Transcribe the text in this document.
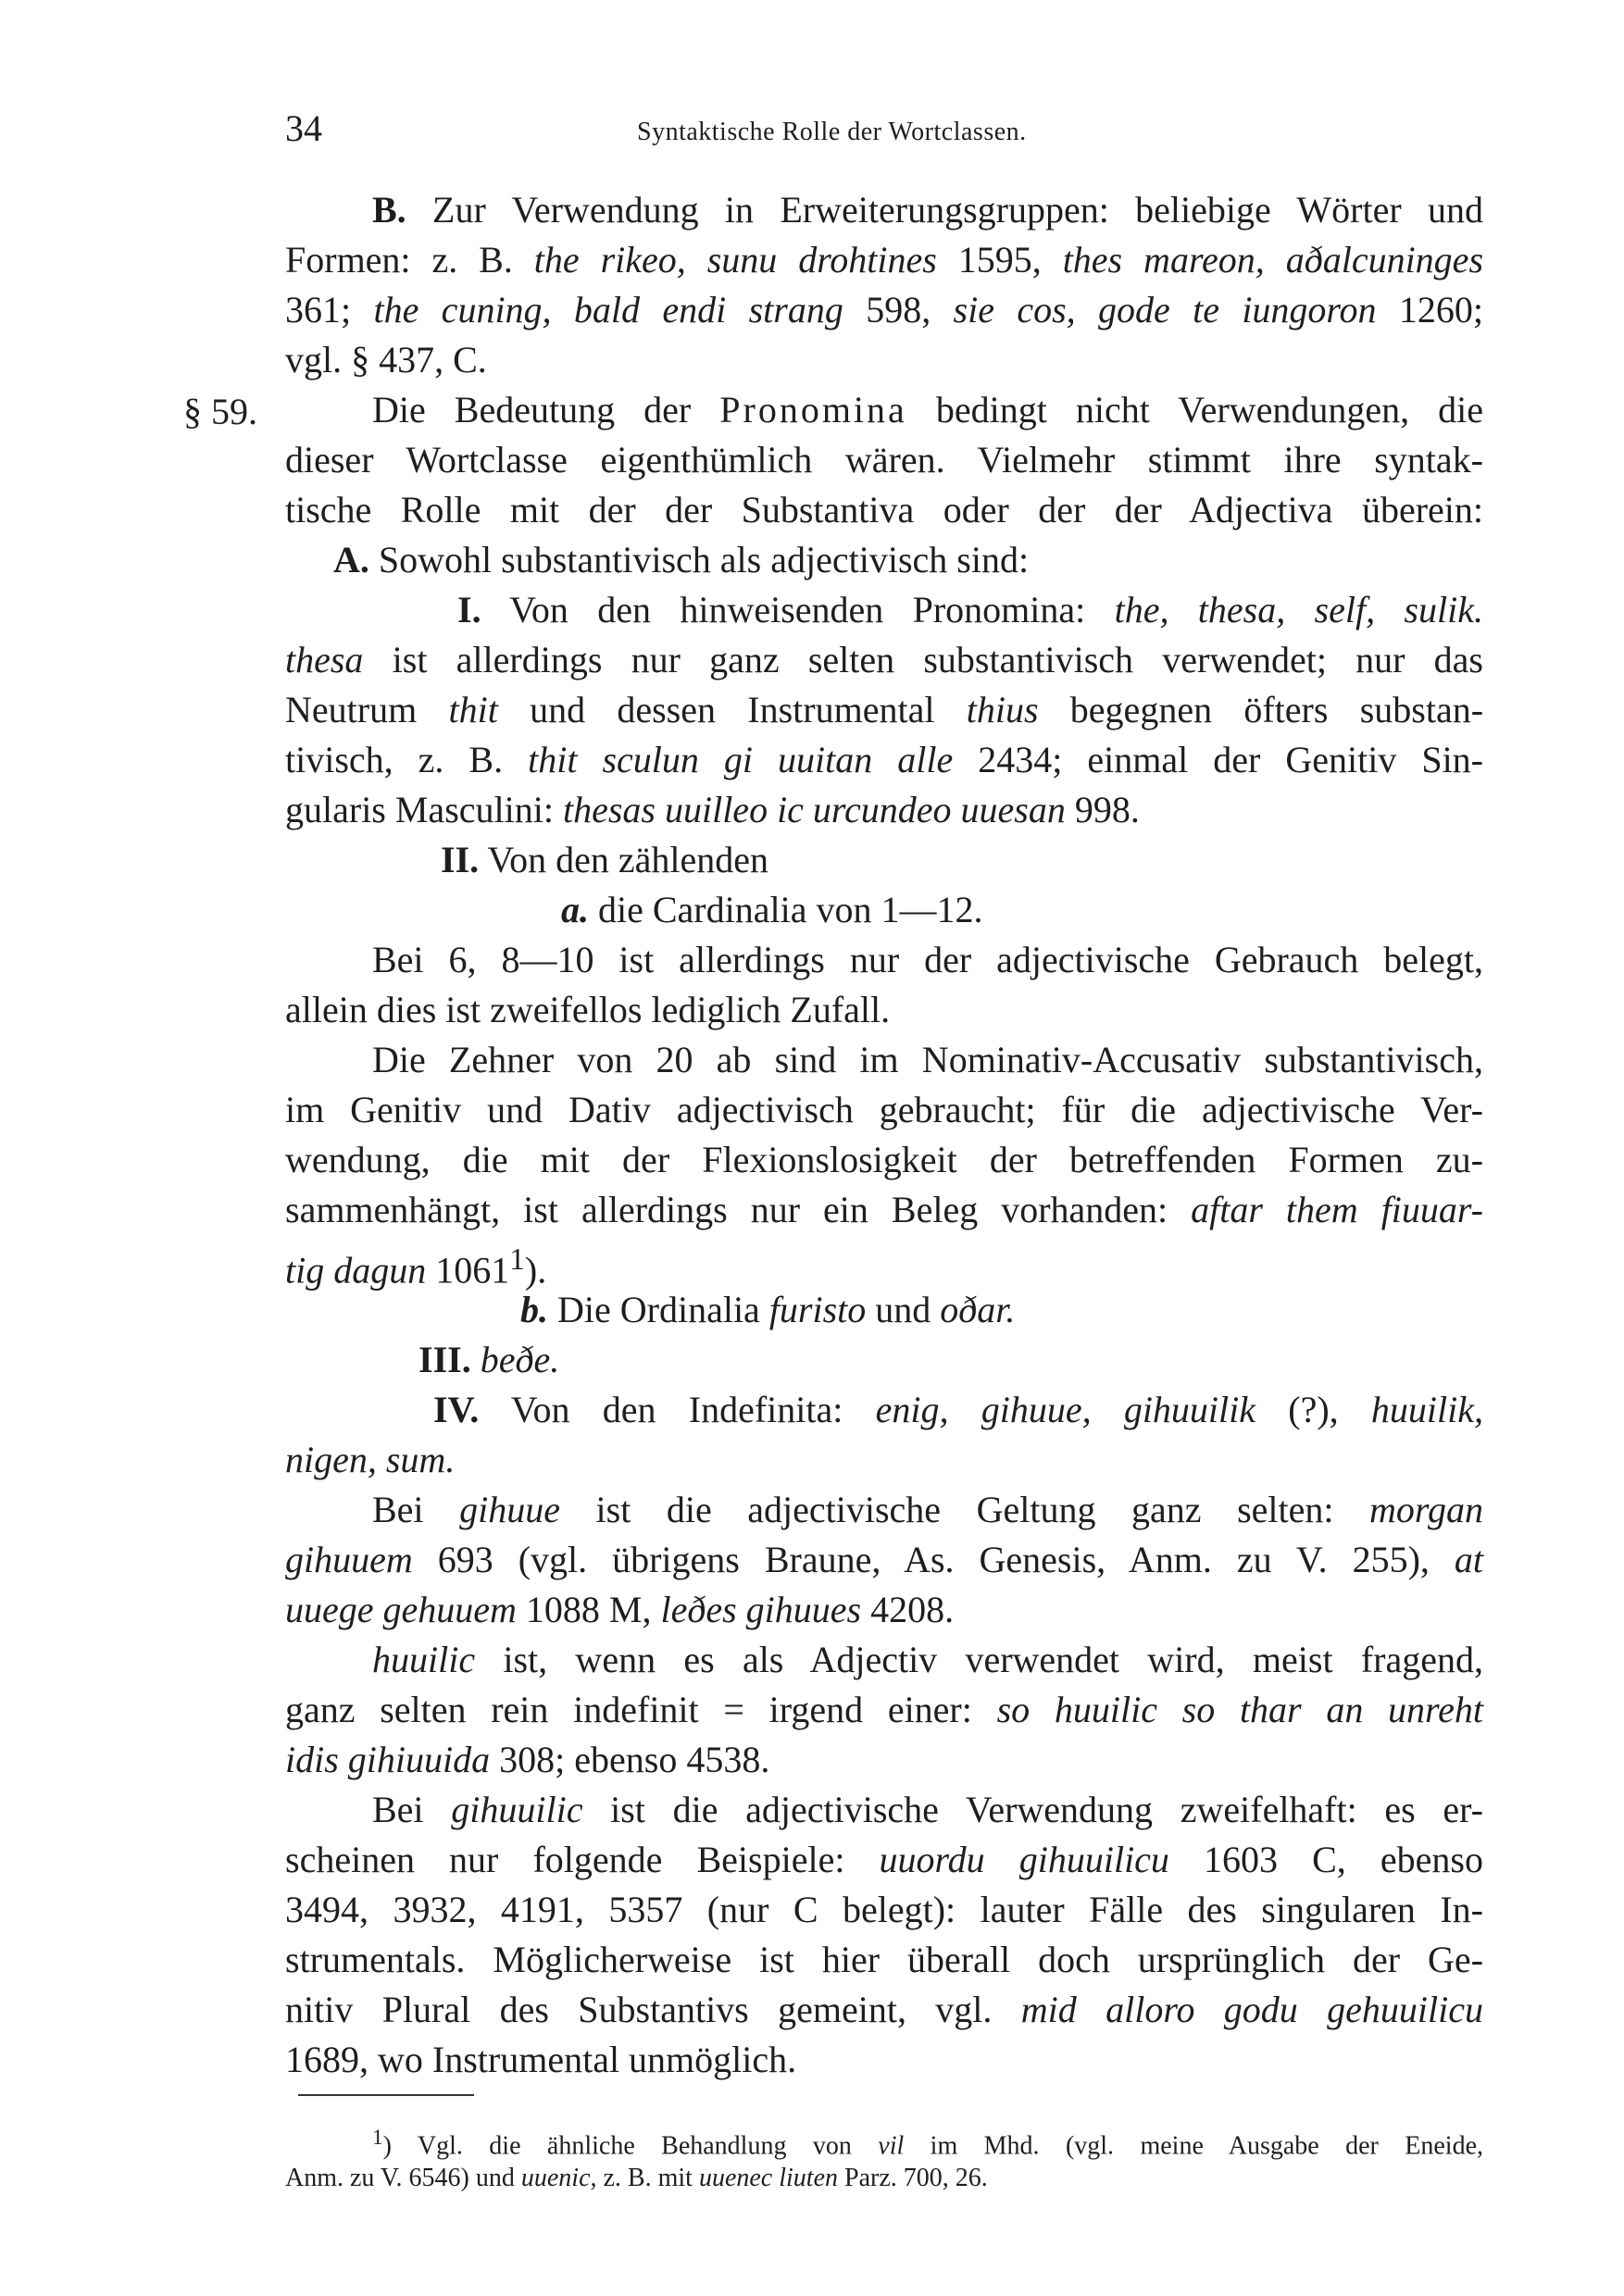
34	Syntaktische Rolle der Wortclassen.
§ 59.
B. Zur Verwendung in Erweiterungsgruppen: beliebige Wörter und
Formen: z. B. the rikeo, sunu drohtines 1595, thes mareon, aðalcuninges
361; the cuning, bald endi strang 598, sie cos, gode te iungoron 1260;
vgl. § 437, C.
Die Bedeutung der Pronomina bedingt nicht Verwendungen, die
dieser Wortclasse eigenthümlich wären. Vielmehr stimmt ihre syntak-
tische Rolle mit der der Substantiva oder der der Adjectiva überein:
A. Sowohl substantivisch als adjectivisch sind:
I. Von den hinweisenden Pronomina: the, thesa, self, sulik.
thesa ist allerdings nur ganz selten substantivisch verwendet; nur das
Neutrum thit und dessen Instrumental thius begegnen öfters substan-
tivisch, z. B. thit sculun gi uuitan alle 2434; einmal der Genitiv Sin-
gularis Masculini: thesas uuilleo ic urcundeo uuesan 998.
II. Von den zählenden
a. die Cardinalia von 1—12.
Bei 6, 8—10 ist allerdings nur der adjectivische Gebrauch belegt,
allein dies ist zweifellos lediglich Zufall.
Die Zehner von 20 ab sind im Nominativ-Accusativ substantivisch,
im Genitiv und Dativ adjectivisch gebraucht; für die adjectivische Ver-
wendung, die mit der Flexionslosigkeit der betreffenden Formen zu-
sammenhängt, ist allerdings nur ein Beleg vorhanden: aftar them fiuuar-
tig dagun 1061$^1$).
b. Die Ordinalia furisto und oðar.
III. beðe.
IV. Von den Indefinita: enig, gihuue, gihuuilik (?), huuilik,
nigen, sum.
Bei gihuue ist die adjectivische Geltung ganz selten: morgan
gihuuem 693 (vgl. übrigens Braune, As. Genesis, Anm. zu V. 255), at
uuege gehuuem 1088 M, leðes gihuues 4208.
huuilic ist, wenn es als Adjectiv verwendet wird, meist fragend,
ganz selten rein indefinit = irgend einer: so huuilic so thar an unreht
idis gihiuuida 308; ebenso 4538.
Bei gihuuilic ist die adjectivische Verwendung zweifelhaft: es er-
scheinen nur folgende Beispiele: uuordu gihuuilicu 1603 C, ebenso
3494, 3932, 4191, 5357 (nur C belegt): lauter Fälle des singularen In-
strumentals. Möglicherweise ist hier überall doch ursprünglich der Ge-
nitiv Plural des Substantivs gemeint, vgl. mid alloro godu gehuuilicu
1689, wo Instrumental unmöglich.
$^1$) Vgl. die ähnliche Behandlung von vil im Mhd. (vgl. meine Ausgabe der Eneide,
Anm. zu V. 6546) und uuenic, z. B. mit uuenec liuten Parz. 700, 26.
